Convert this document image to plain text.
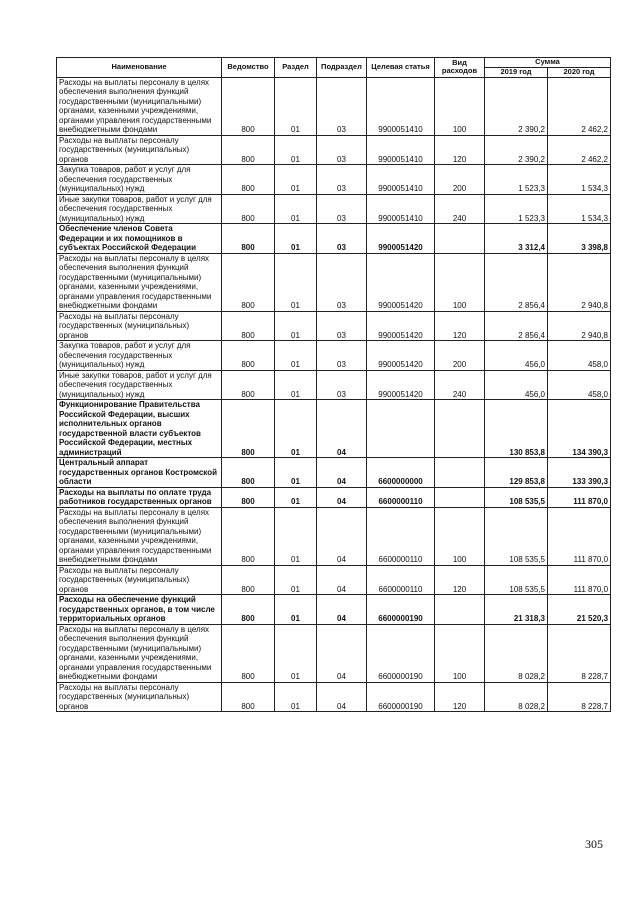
Наименование	Ведомство	Раздел	Подраздел	Целевая статья	Вид расходов	Сумма	
						2019 год	2020 год
Расходы на выплаты персоналу в целях обеспечения выполнения функций государственными (муниципальными) органами, казенными учреждениями, органами управления государственными внебюджетными фондами	800	01	03	9900051410	100	2 390,2	2 462,2
Расходы на выплаты персоналу государственных (муниципальных) органов	800	01	03	9900051410	120	2 390,2	2 462,2
Закупка товаров, работ и услуг для обеспечения государственных (муниципальных) нужд	800	01	03	9900051410	200	1 523,3	1 534,3
Иные закупки товаров, работ и услуг для обеспечения государственных (муниципальных) нужд	800	01	03	9900051410	240	1 523,3	1 534,3
Обеспечение членов Совета Федерации и их помощников в субъектах Российской Федерации	800	01	03	9900051420		3 312,4	3 398,8
Расходы на выплаты персоналу в целях обеспечения выполнения функций государственными (муниципальными) органами, казенными учреждениями, органами управления государственными внебюджетными фондами	800	01	03	9900051420	100	2 856,4	2 940,8
Расходы на выплаты персоналу государственных (муниципальных) органов	800	01	03	9900051420	120	2 856,4	2 940,8
Закупка товаров, работ и услуг для обеспечения государственных (муниципальных) нужд	800	01	03	9900051420	200	456,0	458,0
Иные закупки товаров, работ и услуг для обеспечения государственных (муниципальных) нужд	800	01	03	9900051420	240	456,0	458,0
Функционирование Правительства Российской Федерации, высших исполнительных органов государственной власти субъектов Российской Федерации, местных администраций	800	01	04			130 853,8	134 390,3
Центральный аппарат государственных органов Костромской области	800	01	04	6600000000		129 853,8	133 390,3
Расходы на выплаты по оплате труда работников государственных органов	800	01	04	6600000110		108 535,5	111 870,0
Расходы на выплаты персоналу в целях обеспечения выполнения функций государственными (муниципальными) органами, казенными учреждениями, органами управления государственными внебюджетными фондами	800	01	04	6600000110	100	108 535,5	111 870,0
Расходы на выплаты персоналу государственных (муниципальных) органов	800	01	04	6600000110	120	108 535,5	111 870,0
Расходы на обеспечение функций государственных органов, в том числе территориальных органов	800	01	04	6600000190		21 318,3	21 520,3
Расходы на выплаты персоналу в целях обеспечения выполнения функций государственными (муниципальными) органами, казенными учреждениями, органами управления государственными внебюджетными фондами	800	01	04	6600000190	100	8 028,2	8 228,7
Расходы на выплаты персоналу государственных (муниципальных) органов	800	01	04	6600000190	120	8 028,2	8 228,7
305
